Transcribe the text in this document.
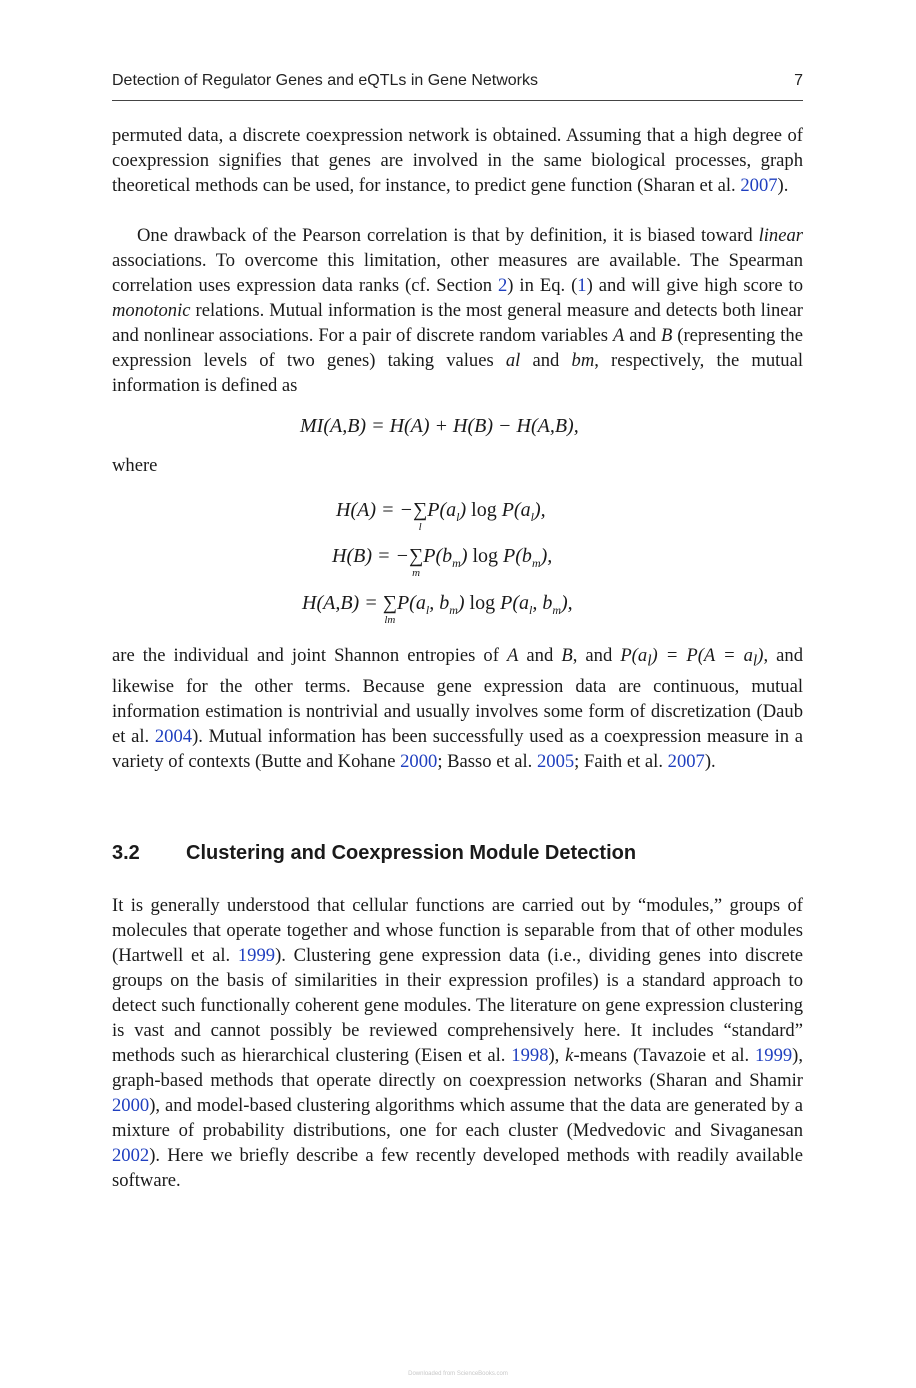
Detection of Regulator Genes and eQTLs in Gene Networks	7

permuted data, a discrete coexpression network is obtained. Assuming that a high degree of coexpression signifies that genes are involved in the same biological processes, graph theoretical methods can be used, for instance, to predict gene function (Sharan et al. 2007).

One drawback of the Pearson correlation is that by definition, it is biased toward linear associations. To overcome this limitation, other measures are available. The Spearman correlation uses expression data ranks (cf. Section 2) in Eq. (1) and will give high score to monotonic relations. Mutual information is the most general measure and detects both linear and nonlinear associations. For a pair of discrete random variables A and B (representing the expression levels of two genes) taking values al and bm, respectively, the mutual information is defined as

MI(A,B) = H(A) + H(B) − H(A,B),
where
H(A) = −∑
l
$P(a_l)$ $\log P(a_l)$,
H(B) = −∑
m
$P(b_m)$ $\log P(b_m)$,
H(A,B) = ∑
lm
$P(a_l$, $b_m$) $\log P(a_l$, $b_m$),

are the individual and joint Shannon entropies of A and B, and $P(a_l) = P(A = a_l)$, and likewise for the other terms. Because gene expression data are continuous, mutual information estimation is nontrivial and usually involves some form of discretization (Daub et al. 2004). Mutual information has been successfully used as a coexpression measure in a variety of contexts (Butte and Kohane 2000; Basso et al. 2005; Faith et al. 2007).

3.2 Clustering and Coexpression Module Detection

It is generally understood that cellular functions are carried out by “modules,” groups of molecules that operate together and whose function is separable from that of other modules (Hartwell et al. 1999). Clustering gene expression data (i.e., dividing genes into discrete groups on the basis of similarities in their expression profiles) is a standard approach to detect such functionally coherent gene modules. The literature on gene expression clustering is vast and cannot possibly be reviewed comprehensively here. It includes “standard” methods such as hierarchical clustering (Eisen et al. 1998), k-means (Tavazoie et al. 1999), graph-based methods that operate directly on coexpression networks (Sharan and Shamir 2000), and model-based clustering algorithms which assume that the data are generated by a mixture of probability distributions, one for each cluster (Medvedovic and Sivaganesan 2002). Here we briefly describe a few recently developed methods with readily available software.

Downloaded from ScienceBooks.com
